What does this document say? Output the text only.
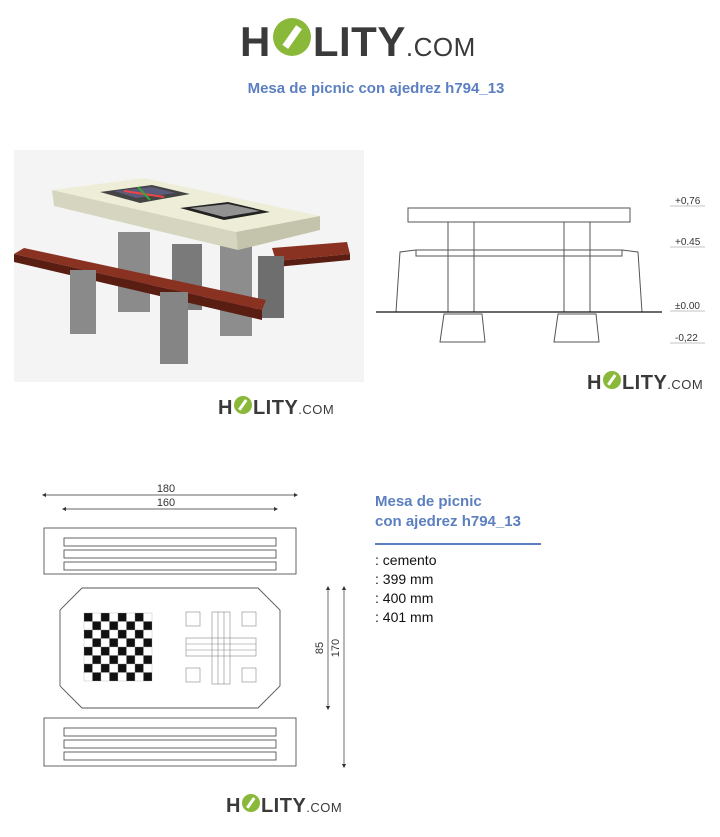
H LITY .COM
Mesa de picnic con ajedrez h794_13
H LITY .COM
+0,76
+0.45
±0.00
-0,22
H LITY .COM
180
160
85 170
H LITY .COM
Mesa de picnic
con ajedrez h794_13
: cemento
: 399 mm
: 400 mm
: 401 mm
